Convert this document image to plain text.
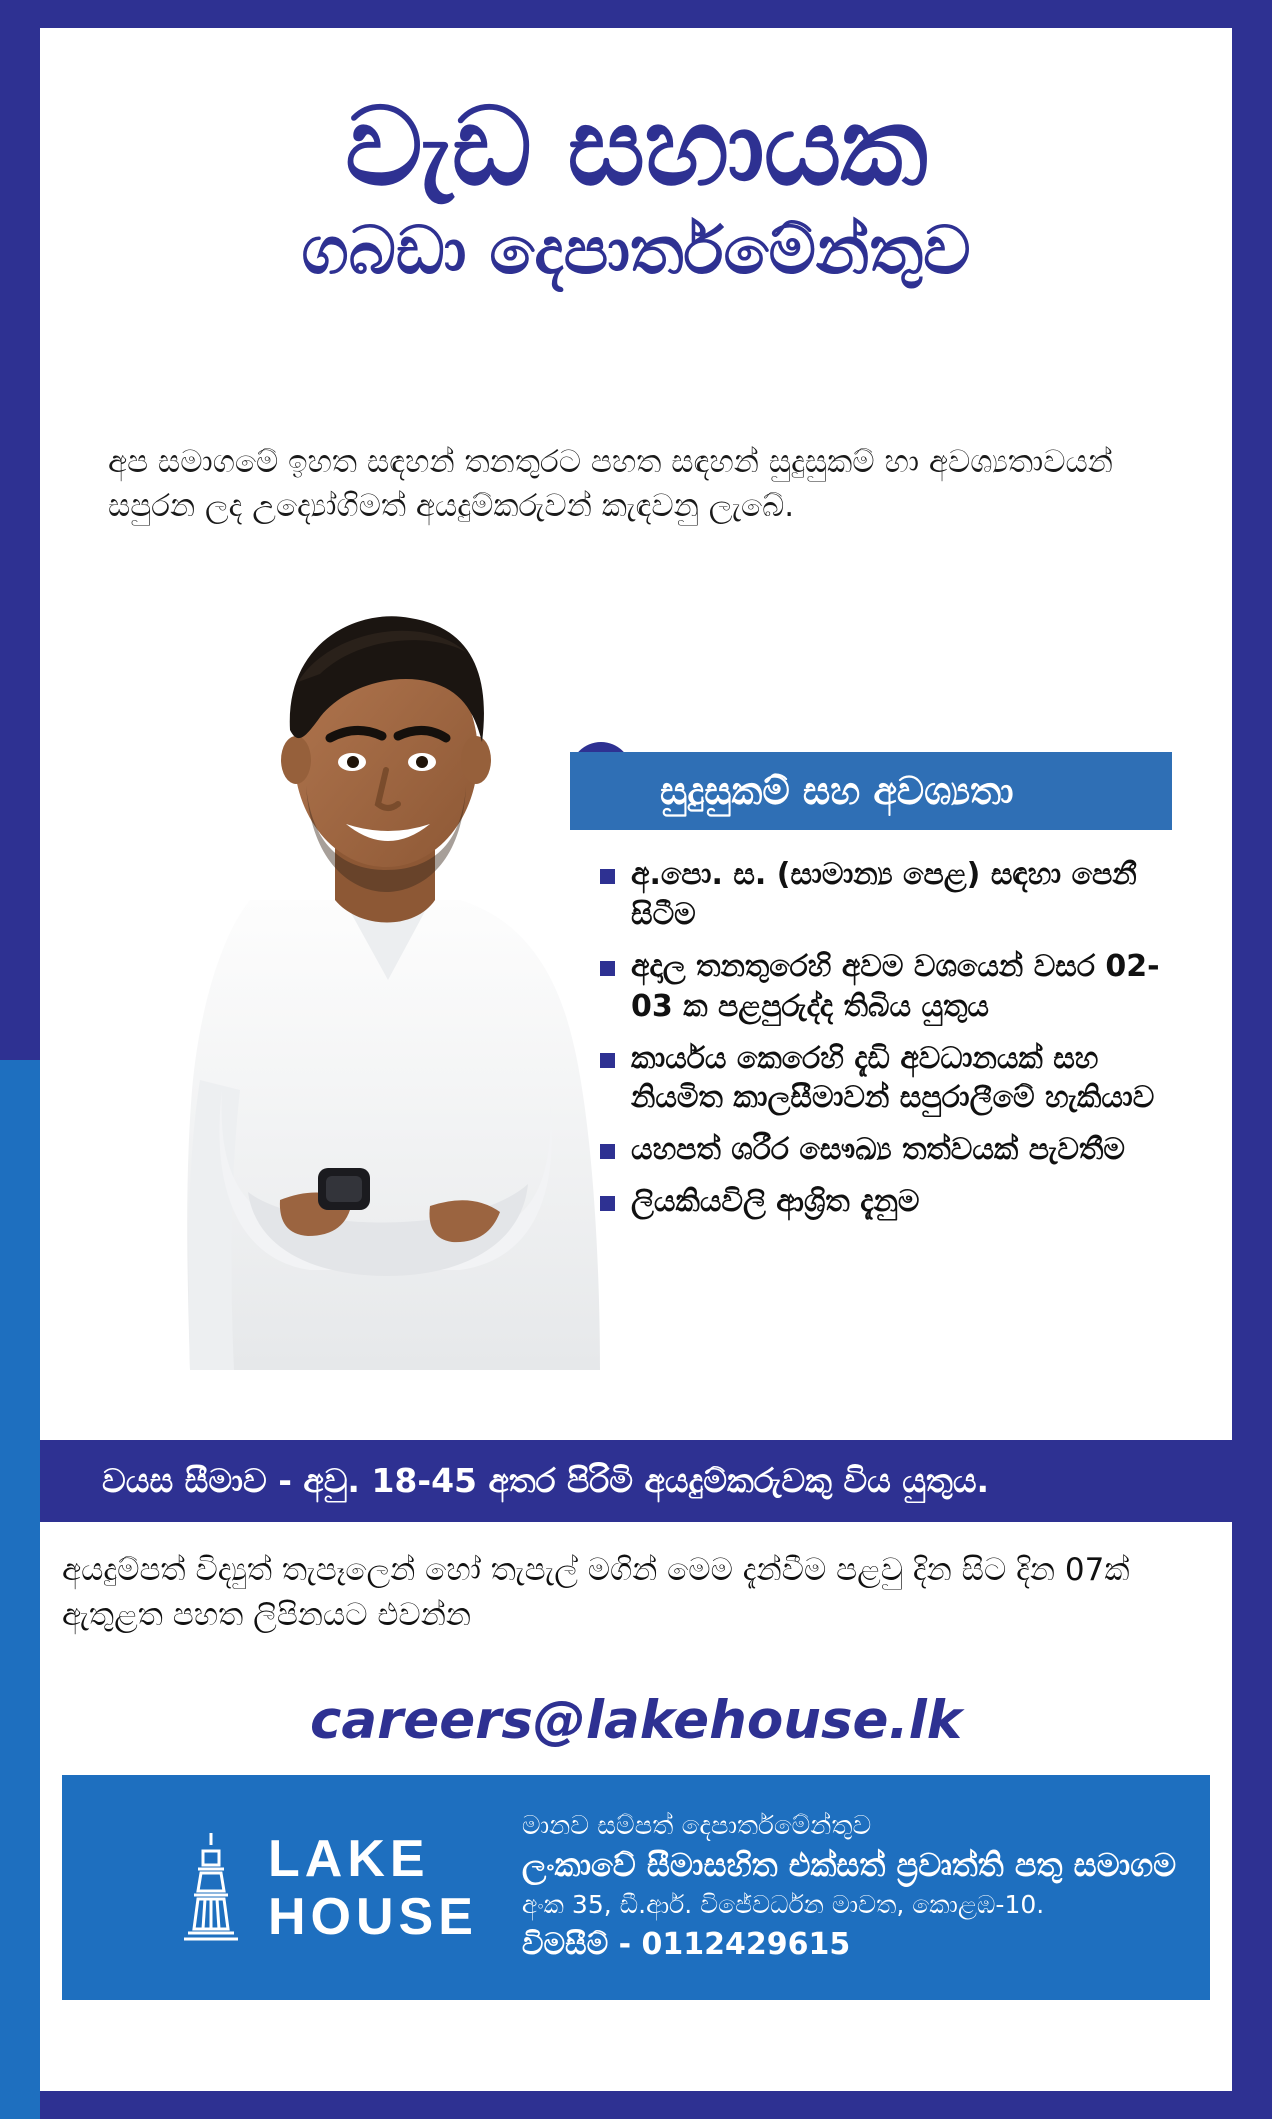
වැඩ සහායක
ගබඩා දෙපාර්තමේන්තුව
අප සමාගමේ ඉහත සඳහන් තනතුරට පහත සඳහන් සුදුසුකම් හා අවශ්‍යතාවයන් සපුරන ලද උද්‍යෝගිමත් අයදුම්කරුවන් කැඳවනු ලැබේ.
සුදුසුකම් සහ අවශ්‍යතා
අ.පො. ස. (සාමාන්‍ය පෙළ) සඳහා පෙනී සිටීම
අදාල තනතුරෙහි අවම වශයෙන් වසර 02-03 ක පළපුරුද්ද තිබිය යුතුය
කාර්යය කෙරෙහි දැඩි අවධානයක් සහ නියමිත කාලසීමාවන් සපුරාලීමේ හැකියාව
යහපත් ශරීර සෞඛ්‍ය තත්වයක් පැවතීම
ලියකියවිලි ආශ්‍රිත දැනුම
වයස සීමාව - අවු. 18-45 අතර පිරිමි අයදුම්කරුවකු විය යුතුය.
අයදුම්පත් විද්‍යුත් තැපෑලෙන් හෝ තැපැල් මගින් මෙම දැන්වීම පළවු දින සිට දින 07ක් ඇතුළත පහත ලිපිනයට එවන්න
careers@lakehouse.lk
LAKE
HOUSE
මානව සම්පත් දෙපාර්තමේන්තුව
ලංකාවේ සීමාසහිත එක්සත් ප්‍රවෘත්ති පතු සමාගම
අංක 35, ඩී.ආර්. විජේවර්ධන මාවත, කොළඹ-10.
විමසීම් - 0112429615
